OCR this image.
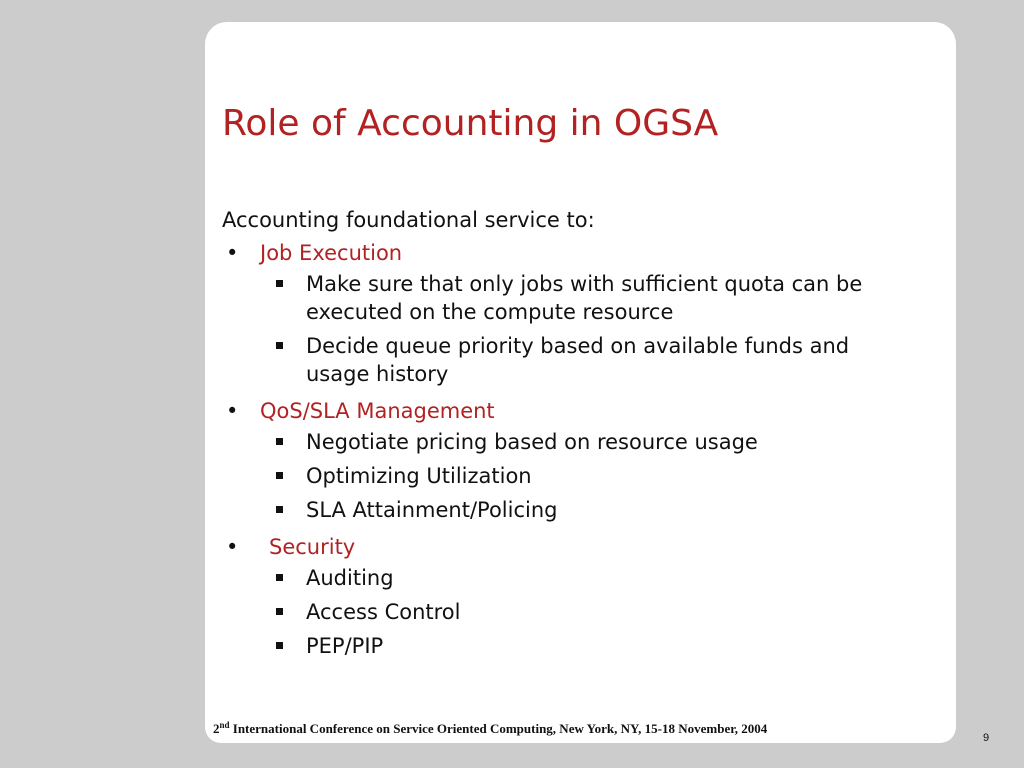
Role of Accounting in OGSA
Accounting foundational service to:
• Job Execution
Make sure that only jobs with sufficient quota can be executed on the compute resource
Decide queue priority based on available funds and usage history
• QoS/SLA Management
Negotiate pricing based on resource usage
Optimizing Utilization
SLA Attainment/Policing
• Security
Auditing
Access Control
PEP/PIP
2nd International Conference on Service Oriented Computing, New York, NY, 15-18 November, 2004
9
